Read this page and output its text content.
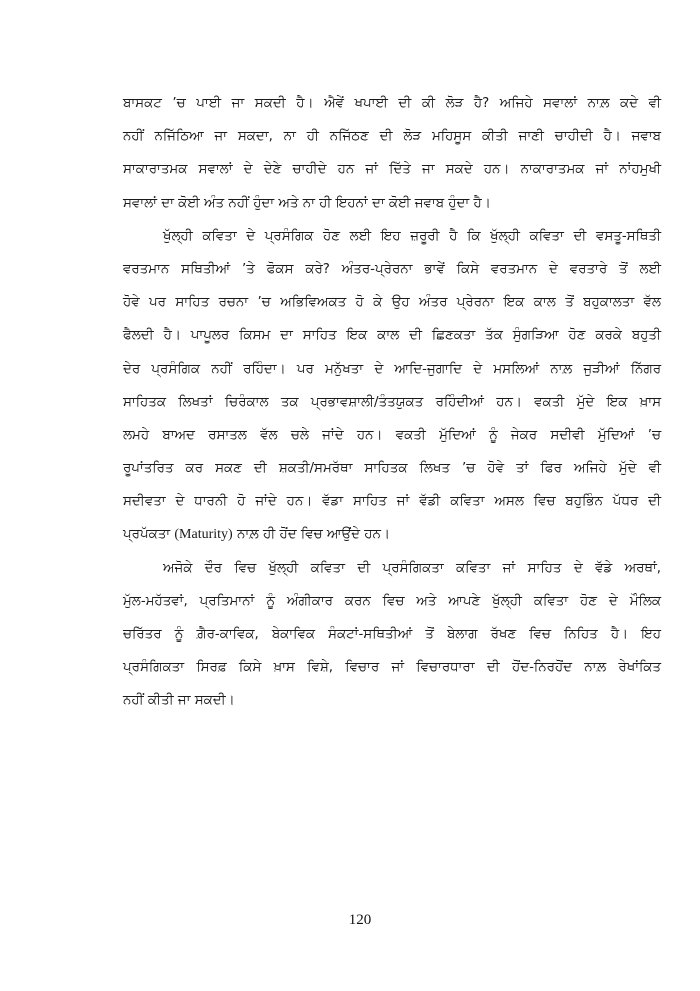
ਬਾਸਕਟ ’ਚ ਪਾਈ ਜਾ ਸਕਦੀ ਹੈ। ਐਵੇਂ ਖਪਾਈ ਦੀ ਕੀ ਲੋੜ ਹੈ? ਅਜਿਹੇ ਸਵਾਲਾਂ ਨਾਲ਼ ਕਦੇ ਵੀ
ਨਹੀਂ ਨਜਿੱਠਿਆ ਜਾ ਸਕਦਾ, ਨਾ ਹੀ ਨਜਿੱਠਣ ਦੀ ਲੋੜ ਮਹਿਸੂਸ ਕੀਤੀ ਜਾਣੀ ਚਾਹੀਦੀ ਹੈ। ਜਵਾਬ
ਸਾਕਾਰਾਤਮਕ ਸਵਾਲਾਂ ਦੇ ਦੇਣੇ ਚਾਹੀਦੇ ਹਨ ਜਾਂ ਦਿੱਤੇ ਜਾ ਸਕਦੇ ਹਨ। ਨਾਕਾਰਾਤਮਕ ਜਾਂ ਨਾਂਹਮੁਖੀ
ਸਵਾਲਾਂ ਦਾ ਕੋਈ ਅੰਤ ਨਹੀਂ ਹੁੰਦਾ ਅਤੇ ਨਾ ਹੀ ਇਹਨਾਂ ਦਾ ਕੋਈ ਜਵਾਬ ਹੁੰਦਾ ਹੈ।
ਖੁੱਲ੍ਹੀ ਕਵਿਤਾ ਦੇ ਪ੍ਰਸੰਗਿਕ ਹੋਣ ਲਈ ਇਹ ਜ਼ਰੂਰੀ ਹੈ ਕਿ ਖੁੱਲ੍ਹੀ ਕਵਿਤਾ ਦੀ ਵਸਤੂ-ਸਥਿਤੀ
ਵਰਤਮਾਨ ਸਥਿਤੀਆਂ ’ਤੇ ਫੋਕਸ ਕਰੇ? ਅੰਤਰ-ਪ੍ਰੇਰਨਾ ਭਾਵੇਂ ਕਿਸੇ ਵਰਤਮਾਨ ਦੇ ਵਰਤਾਰੇ ਤੋਂ ਲਈ
ਹੋਵੇ ਪਰ ਸਾਹਿਤ ਰਚਨਾ ’ਚ ਅਭਿਵਿਅਕਤ ਹੋ ਕੇ ਉਹ ਅੰਤਰ ਪ੍ਰੇਰਨਾ ਇਕ ਕਾਲ ਤੋਂ ਬਹੁਕਾਲਤਾ ਵੱਲ
ਫੈਲਦੀ ਹੈ। ਪਾਪੂਲਰ ਕਿਸਮ ਦਾ ਸਾਹਿਤ ਇਕ ਕਾਲ ਦੀ ਛਿਣਕਤਾ ਤੱਕ ਸੁੰਗੜਿਆ ਹੋਣ ਕਰਕੇ ਬਹੁਤੀ
ਦੇਰ ਪ੍ਰਸੰਗਿਕ ਨਹੀਂ ਰਹਿੰਦਾ। ਪਰ ਮਨੁੱਖਤਾ ਦੇ ਆਦਿ-ਜੁਗਾਦਿ ਦੇ ਮਸਲਿਆਂ ਨਾਲ਼ ਜੁੜੀਆਂ ਨਿੱਗਰ
ਸਾਹਿਤਕ ਲਿਖਤਾਂ ਚਿਰੰਕਾਲ ਤਕ ਪ੍ਰਭਾਵਸ਼ਾਲੀ/ਤੰਤਯੁਕਤ ਰਹਿੰਦੀਆਂ ਹਨ। ਵਕਤੀ ਮੁੱਦੇ ਇਕ ਖ਼ਾਸ
ਲਮਹੇ ਬਾਅਦ ਰਸਾਤਲ ਵੱਲ ਚਲੇ ਜਾਂਦੇ ਹਨ। ਵਕਤੀ ਮੁੱਦਿਆਂ ਨੂੰ ਜੇਕਰ ਸਦੀਵੀ ਮੁੱਦਿਆਂ ’ਚ
ਰੂਪਾਂਤਰਿਤ ਕਰ ਸਕਣ ਦੀ ਸ਼ਕਤੀ/ਸਮਰੱਥਾ ਸਾਹਿਤਕ ਲਿਖਤ ’ਚ ਹੋਵੇ ਤਾਂ ਫਿਰ ਅਜਿਹੇ ਮੁੱਦੇ ਵੀ
ਸਦੀਵਤਾ ਦੇ ਧਾਰਨੀ ਹੋ ਜਾਂਦੇ ਹਨ। ਵੱਡਾ ਸਾਹਿਤ ਜਾਂ ਵੱਡੀ ਕਵਿਤਾ ਅਸਲ ਵਿਚ ਬਹੁਭਿੰਨ ਪੱਧਰ ਦੀ
ਪ੍ਰਪੱਕਤਾ (Maturity) ਨਾਲ਼ ਹੀ ਹੋਂਦ ਵਿਚ ਆਉਂਦੇ ਹਨ।
ਅਜੋਕੇ ਦੌਰ ਵਿਚ ਖੁੱਲ੍ਹੀ ਕਵਿਤਾ ਦੀ ਪ੍ਰਸੰਗਿਕਤਾ ਕਵਿਤਾ ਜਾਂ ਸਾਹਿਤ ਦੇ ਵੱਡੇ ਅਰਥਾਂ,
ਮੁੱਲ-ਮਹੱਤਵਾਂ, ਪ੍ਰਤਿਮਾਨਾਂ ਨੂੰ ਅੰਗੀਕਾਰ ਕਰਨ ਵਿਚ ਅਤੇ ਆਪਣੇ ਖੁੱਲ੍ਹੀ ਕਵਿਤਾ ਹੋਣ ਦੇ ਮੌਲਿਕ
ਚਰਿੱਤਰ ਨੂੰ ਗ਼ੈਰ-ਕਾਵਿਕ, ਬੇਕਾਵਿਕ ਸੰਕਟਾਂ-ਸਥਿਤੀਆਂ ਤੋਂ ਬੇਲਾਗ ਰੱਖਣ ਵਿਚ ਨਿਹਿਤ ਹੈ। ਇਹ
ਪ੍ਰਸੰਗਿਕਤਾ ਸਿਰਫ਼ ਕਿਸੇ ਖ਼ਾਸ ਵਿਸ਼ੇ, ਵਿਚਾਰ ਜਾਂ ਵਿਚਾਰਧਾਰਾ ਦੀ ਹੋਂਦ-ਨਿਰਹੋਂਦ ਨਾਲ਼ ਰੇਖਾਂਕਿਤ
ਨਹੀਂ ਕੀਤੀ ਜਾ ਸਕਦੀ।
120
